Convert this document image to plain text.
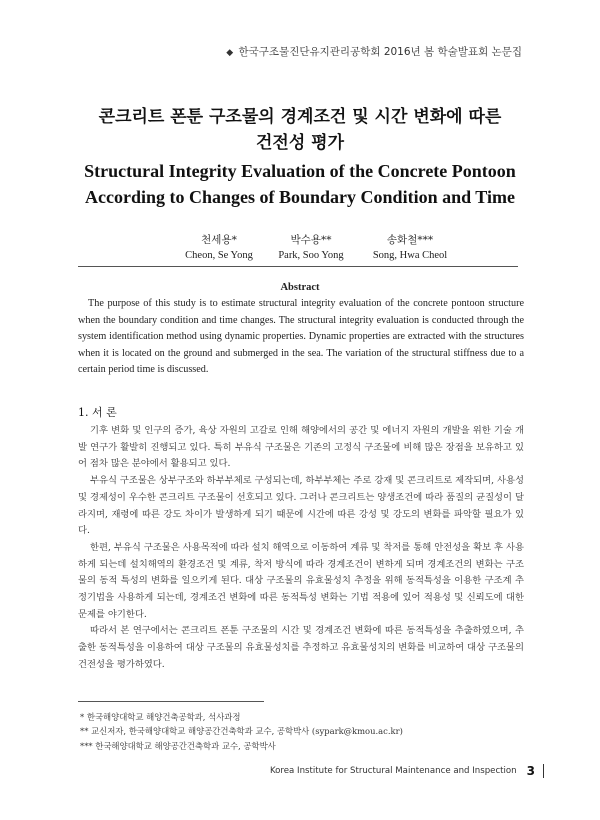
◆ 한국구조물진단유지관리공학회 2016년 봄 학술발표회 논문집
콘크리트 폰툰 구조물의 경계조건 및 시간 변화에 따른
건전성 평가
Structural Integrity Evaluation of the Concrete Pontoon
According to Changes of Boundary Condition and Time
천세용*
Cheon, Se Yong
박수용**
Park, Soo Yong
송화철***
Song, Hwa Cheol
Abstract
The purpose of this study is to estimate structural integrity evaluation of the concrete pontoon structure when the boundary condition and time changes. The structural integrity evaluation is conducted through the system identification method using dynamic properties. Dynamic properties are extracted with the structures when it is located on the ground and submerged in the sea. The variation of the structural stiffness due to a certain period time is discussed.
1. 서 론

기후 변화 및 인구의 증가, 육상 자원의 고갈로 인해 해양에서의 공간 및 에너지 자원의 개발을 위한 기술 개발 연구가 활발히 진행되고 있다. 특히 부유식 구조물은 기존의 고정식 구조물에 비해 많은 장점을 보유하고 있어 점차 많은 분야에서 활용되고 있다.

부유식 구조물은 상부구조와 하부부체로 구성되는데, 하부부체는 주로 강재 및 콘크리트로 제작되며, 사용성 및 경제성이 우수한 콘크리트 구조물이 선호되고 있다. 그러나 콘크리트는 양생조건에 따라 품질의 균질성이 달라지며, 재령에 따른 강도 차이가 발생하게 되기 때문에 시간에 따른 강성 및 강도의 변화를 파악할 필요가 있다.

한편, 부유식 구조물은 사용목적에 따라 설치 해역으로 이동하여 계류 및 착저를 통해 안전성을 확보 후 사용하게 되는데 설치해역의 환경조건 및 계류, 착저 방식에 따라 경계조건이 변하게 되며 경계조건의 변화는 구조물의 동적 특성의 변화를 일으키게 된다. 대상 구조물의 유효물성치 추정을 위해 동적특성을 이용한 구조계 추정기법을 사용하게 되는데, 경계조건 변화에 따른 동적특성 변화는 기법 적용에 있어 적용성 및 신뢰도에 대한 문제를 야기한다.

따라서 본 연구에서는 콘크리트 폰툰 구조물의 시간 및 경계조건 변화에 따른 동적특성을 추출하였으며, 추출한 동적특성을 이용하여 대상 구조물의 유효물성치를 추정하고 유효물성치의 변화를 비교하여 대상 구조물의 건전성을 평가하였다.

* 한국해양대학교 해양건축공학과, 석사과정
** 교신저자, 한국해양대학교 해양공간건축학과 교수, 공학박사 (sypark@kmou.ac.kr)
*** 한국해양대학교 해양공간건축학과 교수, 공학박사
Korea Institute for Structural Maintenance and Inspection 3
